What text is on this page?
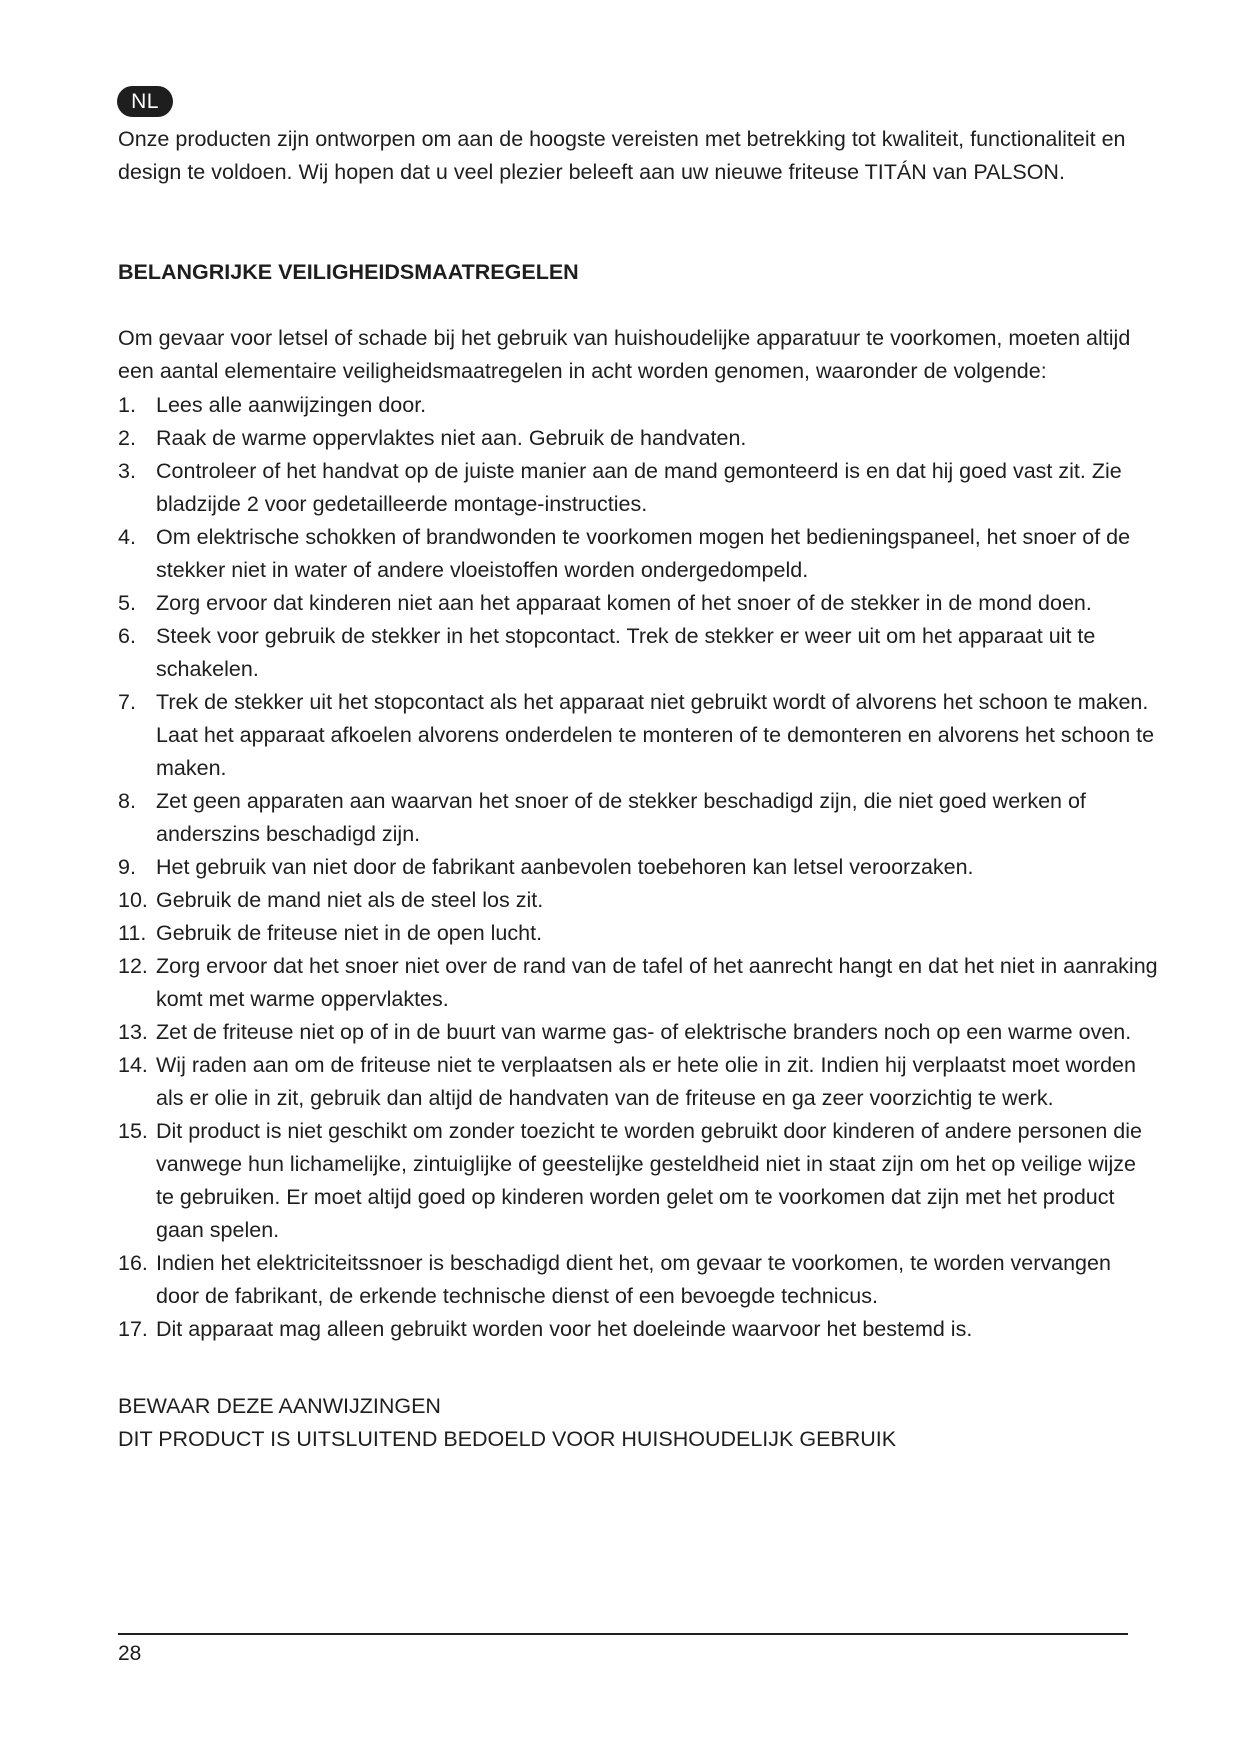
NL

Onze producten zijn ontworpen om aan de hoogste vereisten met betrekking tot kwaliteit, functionaliteit en design te voldoen. Wij hopen dat u veel plezier beleeft aan uw nieuwe friteuse TITÁN van PALSON.

BELANGRIJKE VEILIGHEIDSMAATREGELEN

Om gevaar voor letsel of schade bij het gebruik van huishoudelijke apparatuur te voorkomen, moeten altijd een aantal elementaire veiligheidsmaatregelen in acht worden genomen, waaronder de volgende:

1. Lees alle aanwijzingen door.
2. Raak de warme oppervlaktes niet aan. Gebruik de handvaten.
3. Controleer of het handvat op de juiste manier aan de mand gemonteerd is en dat hij goed vast zit. Zie bladzijde 2 voor gedetailleerde montage-instructies.
4. Om elektrische schokken of brandwonden te voorkomen mogen het bedieningspaneel, het snoer of de stekker niet in water of andere vloeistoffen worden ondergedompeld.
5. Zorg ervoor dat kinderen niet aan het apparaat komen of het snoer of de stekker in de mond doen.
6. Steek voor gebruik de stekker in het stopcontact. Trek de stekker er weer uit om het apparaat uit te schakelen.
7. Trek de stekker uit het stopcontact als het apparaat niet gebruikt wordt of alvorens het schoon te maken. Laat het apparaat afkoelen alvorens onderdelen te monteren of te demonteren en alvorens het schoon te maken.
8. Zet geen apparaten aan waarvan het snoer of de stekker beschadigd zijn, die niet goed werken of anderszins beschadigd zijn.
9. Het gebruik van niet door de fabrikant aanbevolen toebehoren kan letsel veroorzaken.
10. Gebruik de mand niet als de steel los zit.
11. Gebruik de friteuse niet in de open lucht.
12. Zorg ervoor dat het snoer niet over de rand van de tafel of het aanrecht hangt en dat het niet in aanraking komt met warme oppervlaktes.
13. Zet de friteuse niet op of in de buurt van warme gas- of elektrische branders noch op een warme oven.
14. Wij raden aan om de friteuse niet te verplaatsen als er hete olie in zit. Indien hij verplaatst moet worden als er olie in zit, gebruik dan altijd de handvaten van de friteuse en ga zeer voorzichtig te werk.
15. Dit product is niet geschikt om zonder toezicht te worden gebruikt door kinderen of andere personen die vanwege hun lichamelijke, zintuiglijke of geestelijke gesteldheid niet in staat zijn om het op veilige wijze te gebruiken. Er moet altijd goed op kinderen worden gelet om te voorkomen dat zijn met het product gaan spelen.
16. Indien het elektriciteitssnoer is beschadigd dient het, om gevaar te voorkomen, te worden vervangen door de fabrikant, de erkende technische dienst of een bevoegde technicus.
17. Dit apparaat mag alleen gebruikt worden voor het doeleinde waarvoor het bestemd is.
BEWAAR DEZE AANWIJZINGEN
DIT PRODUCT IS UITSLUITEND BEDOELD VOOR HUISHOUDELIJK GEBRUIK
28
